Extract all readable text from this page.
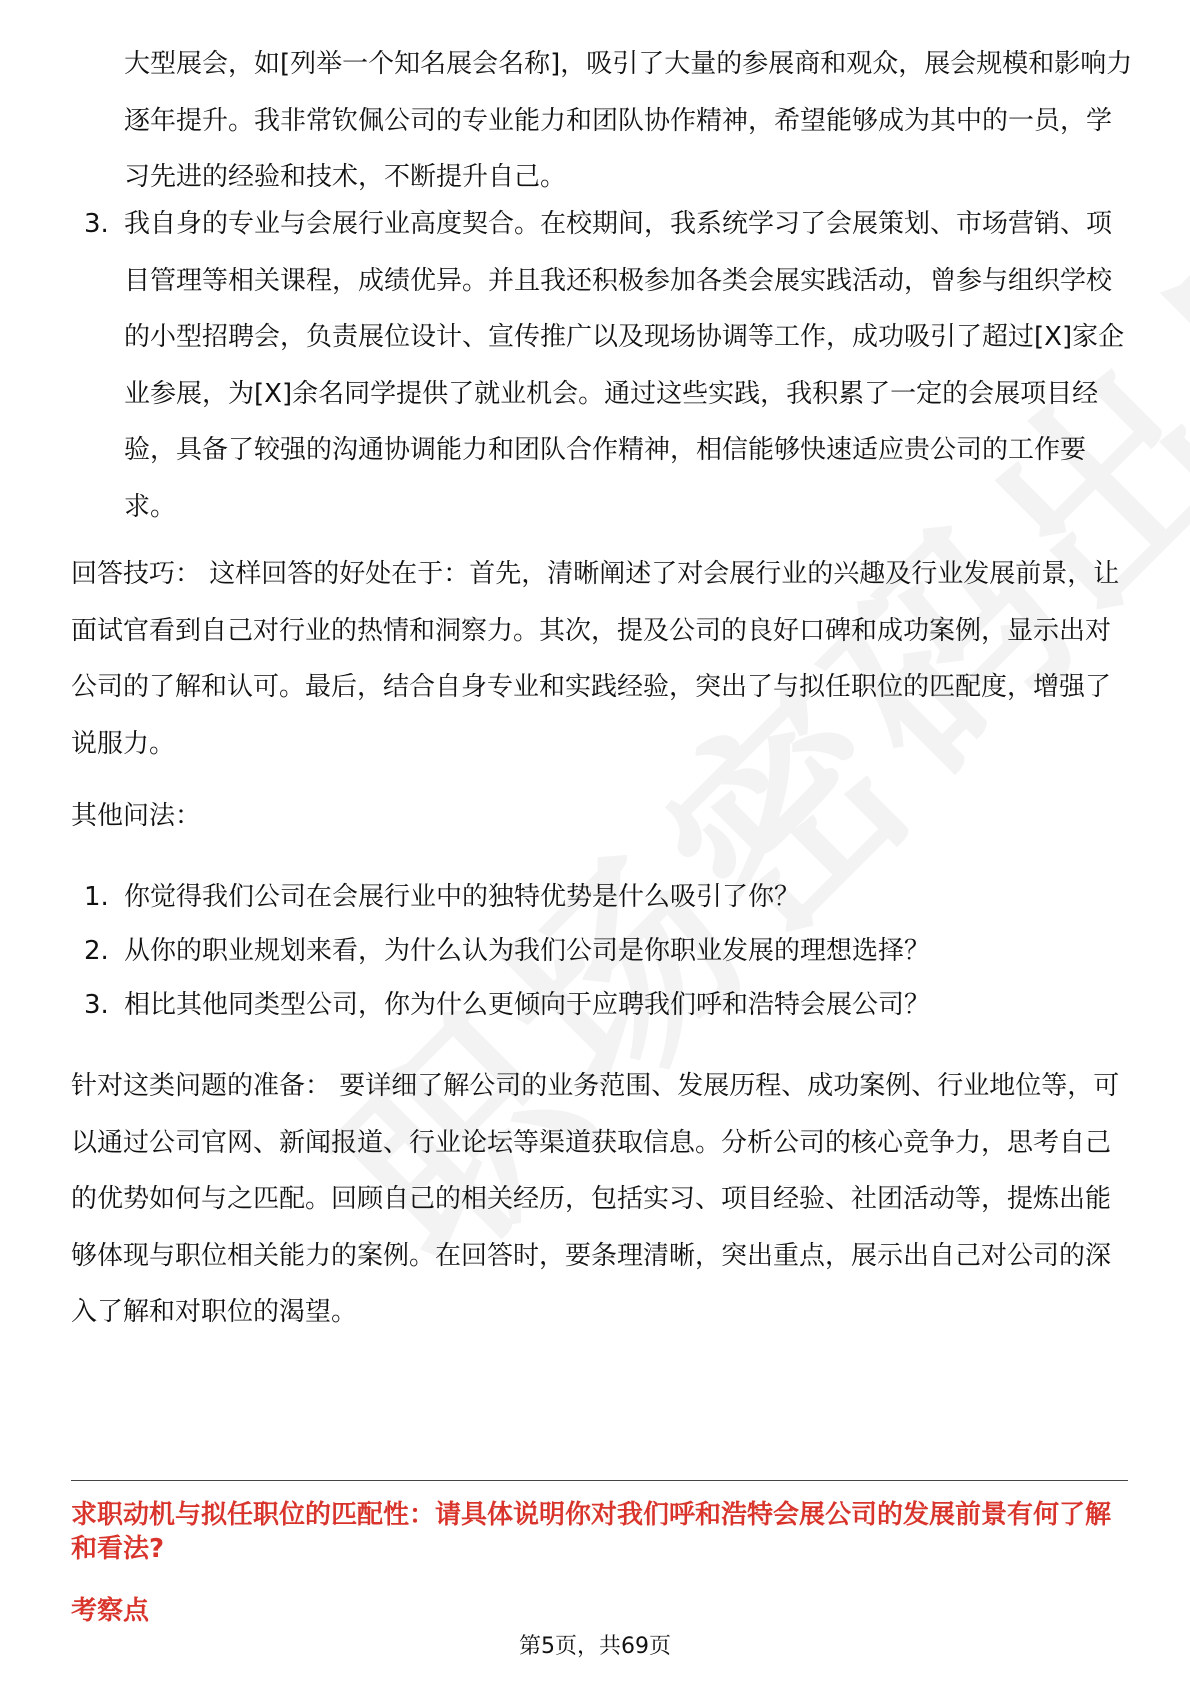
大型展会，如[列举一个知名展会名称]，吸引了大量的参展商和观众，展会规模和影响力逐年提升。我非常钦佩公司的专业能力和团队协作精神，希望能够成为其中的一员，学习先进的经验和技术，不断提升自己。

3. 我自身的专业与会展行业高度契合。在校期间，我系统学习了会展策划、市场营销、项目管理等相关课程，成绩优异。并且我还积极参加各类会展实践活动，曾参与组织学校的小型招聘会，负责展位设计、宣传推广以及现场协调等工作，成功吸引了超过[X]家企业参展，为[X]余名同学提供了就业机会。通过这些实践，我积累了一定的会展项目经验，具备了较强的沟通协调能力和团队合作精神，相信能够快速适应贵公司的工作要求。

回答技巧： 这样回答的好处在于：首先，清晰阐述了对会展行业的兴趣及行业发展前景，让面试官看到自己对行业的热情和洞察力。其次，提及公司的良好口碑和成功案例，显示出对公司的了解和认可。最后，结合自身专业和实践经验，突出了与拟任职位的匹配度，增强了说服力。

其他问法：

1. 你觉得我们公司在会展行业中的独特优势是什么吸引了你？
2. 从你的职业规划来看，为什么认为我们公司是你职业发展的理想选择？
3. 相比其他同类型公司，你为什么更倾向于应聘我们呼和浩特会展公司？

针对这类问题的准备： 要详细了解公司的业务范围、发展历程、成功案例、行业地位等，可以通过公司官网、新闻报道、行业论坛等渠道获取信息。分析公司的核心竞争力，思考自己的优势如何与之匹配。回顾自己的相关经历，包括实习、项目经验、社团活动等，提炼出能够体现与职位相关能力的案例。在回答时，要条理清晰，突出重点，展示出自己对公司的深入了解和对职位的渴望。

求职动机与拟任职位的匹配性：请具体说明你对我们呼和浩特会展公司的发展前景有何了解和看法?

考察点

第5页，共69页
